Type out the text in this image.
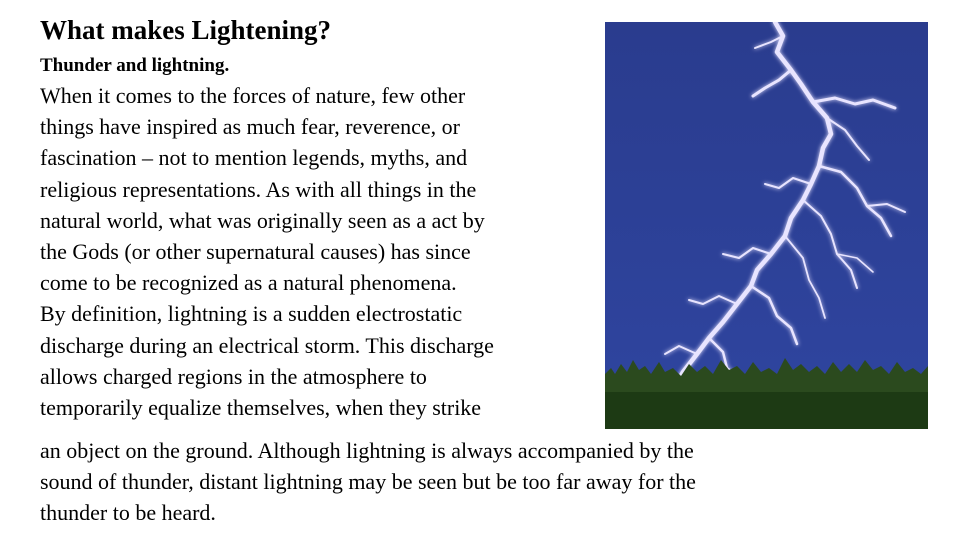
What makes Lightening?
Thunder and lightning.
When it comes to the forces of nature, few other
things have inspired as much fear, reverence, or
fascination – not to mention legends, myths, and
religious representations. As with all things in the
natural world, what was originally seen as a act by
the Gods (or other supernatural causes) has since
come to be recognized as a natural phenomena.
By definition, lightning is a sudden electrostatic
discharge during an electrical storm. This discharge
allows charged regions in the atmosphere to
temporarily equalize themselves, when they strike
an object on the ground. Although lightning is always accompanied by the
sound of thunder, distant lightning may be seen but be too far away for the
thunder to be heard.
